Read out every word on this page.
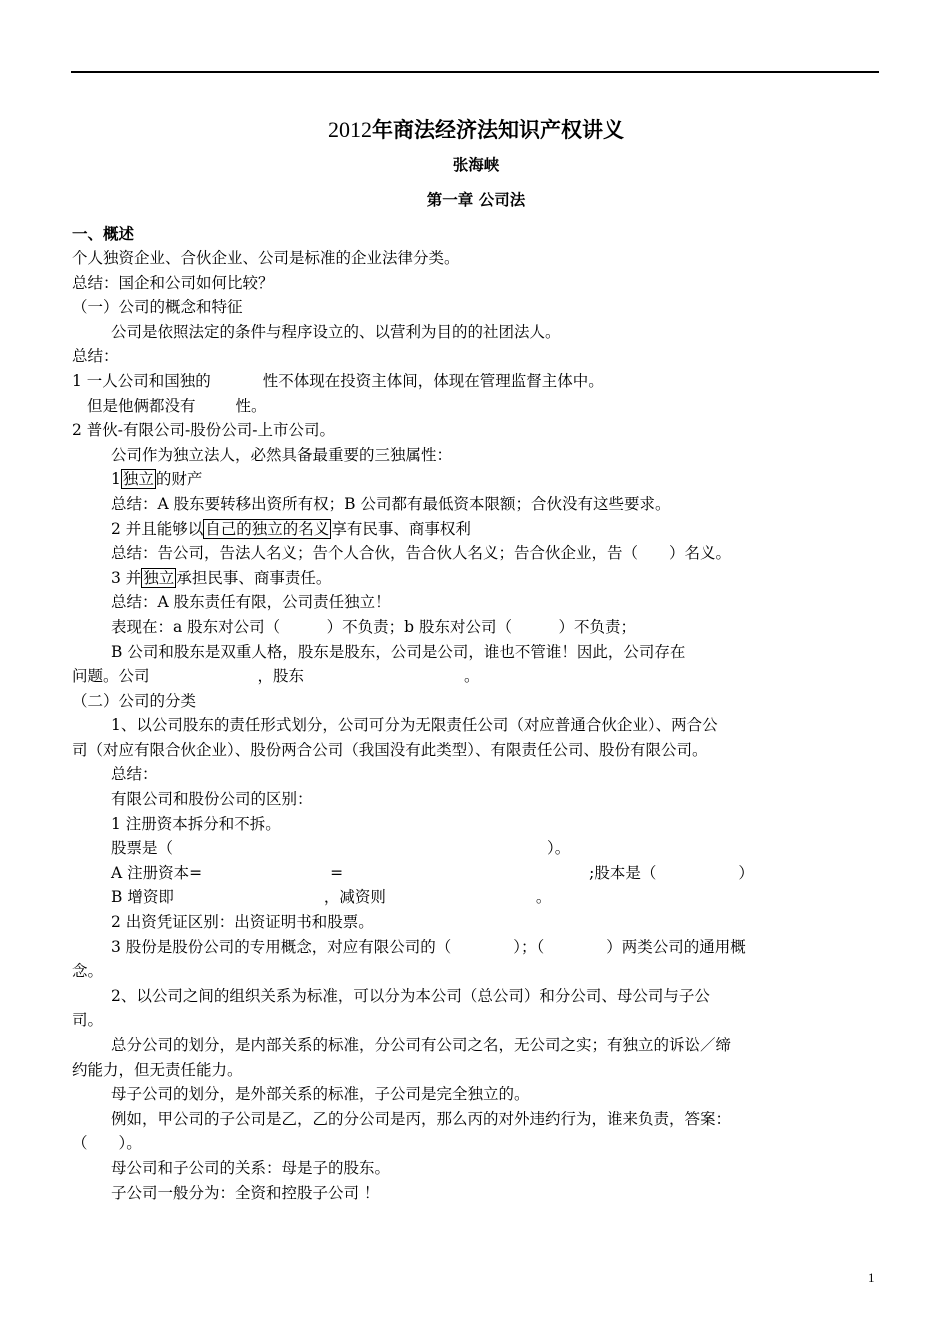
2012年商法经济法知识产权讲义
张海峡
第一章 公司法
一、概述
个人独资企业、合伙企业、公司是标准的企业法律分类。
总结：国企和公司如何比较？
（一）公司的概念和特征
公司是依照法定的条件与程序设立的、以营利为目的的社团法人。
总结：
1 一人公司和国独的	性不体现在投资主体间，体现在管理监督主体中。
但是他俩都没有	性。
2 普伙-有限公司-股份公司-上市公司。
公司作为独立法人，必然具备最重要的三独属性：
1 独立 的财产
总结：A 股东要转移出资所有权；B 公司都有最低资本限额；合伙没有这些要求。
2 并且能够以 自己的独立的名义 享有民事、商事权利
总结：告公司，告法人名义；告个人合伙，告合伙人名义；告合伙企业，告（　　）名义。
3 并 独立 承担民事、商事责任。
总结：A 股东责任有限，公司责任独立！
表现在：a 股东对公司（　　　）不负责；b 股东对公司（　　　）不负责；
B 公司和股东是双重人格，股东是股东，公司是公司，谁也不管谁！因此，公司存在
问题。公司	，股东	。
（二）公司的分类
1、以公司股东的责任形式划分，公司可分为无限责任公司（对应普通合伙企业）、两合公
司（对应有限合伙企业）、股份两合公司（我国没有此类型）、有限责任公司、股份有限公司。
总结：
有限公司和股份公司的区别：
1 注册资本拆分和不拆。
股票是（	）。
A 注册资本=	=	;股本是（	）
B 增资即	，减资则	。
2 出资凭证区别：出资证明书和股票。
3 股份是股份公司的专用概念，对应有限公司的（　　　　）；（　　　　）两类公司的通用概
念。
2、以公司之间的组织关系为标准，可以分为本公司（总公司）和分公司、母公司与子公
司。
总分公司的划分，是内部关系的标准，分公司有公司之名，无公司之实；有独立的诉讼／缔
约能力，但无责任能力。
母子公司的划分，是外部关系的标准，子公司是完全独立的。
例如，甲公司的子公司是乙，乙的分公司是丙，那么丙的对外违约行为，谁来负责，答案：
（　　）。
母公司和子公司的关系：母是子的股东。
子公司一般分为：全资和控股子公司 ！
1
